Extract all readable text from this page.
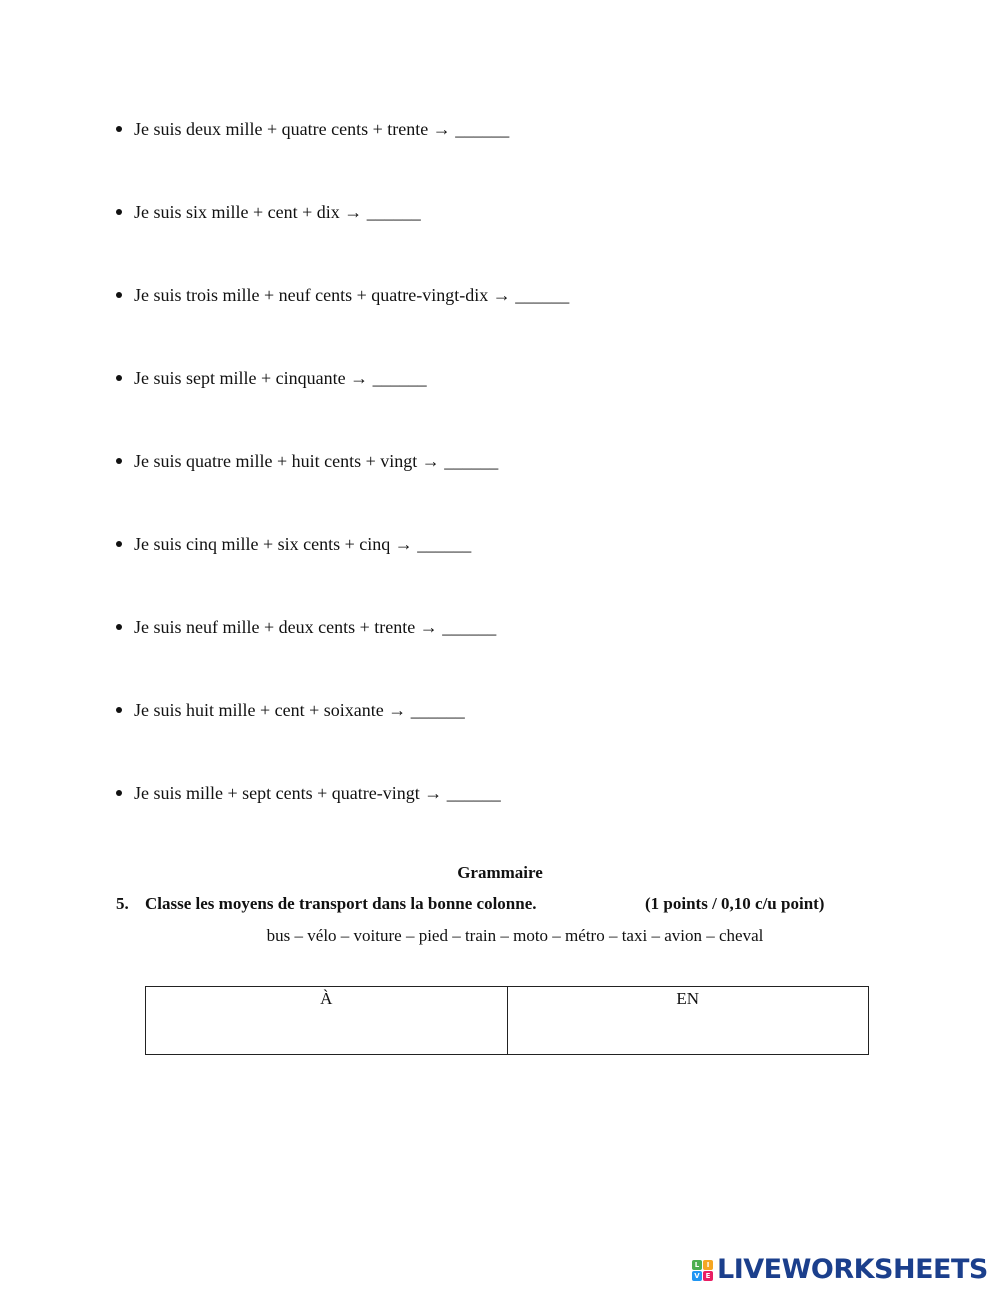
Je suis deux mille + quatre cents + trente → ______
Je suis six mille + cent + dix → ______
Je suis trois mille + neuf cents + quatre-vingt-dix → ______
Je suis sept mille + cinquante → ______
Je suis quatre mille + huit cents + vingt → ______
Je suis cinq mille + six cents + cinq → ______
Je suis neuf mille + deux cents + trente → ______
Je suis huit mille + cent + soixante → ______
Je suis mille + sept cents + quatre-vingt → ______
Grammaire
5. Classe les moyens de transport dans la bonne colonne.	(1 points / 0,10 c/u point)
bus – vélo – voiture – pied – train – moto – métro – taxi – avion – cheval
À	EN
L	I
V E LIVEWORKSHEETS
